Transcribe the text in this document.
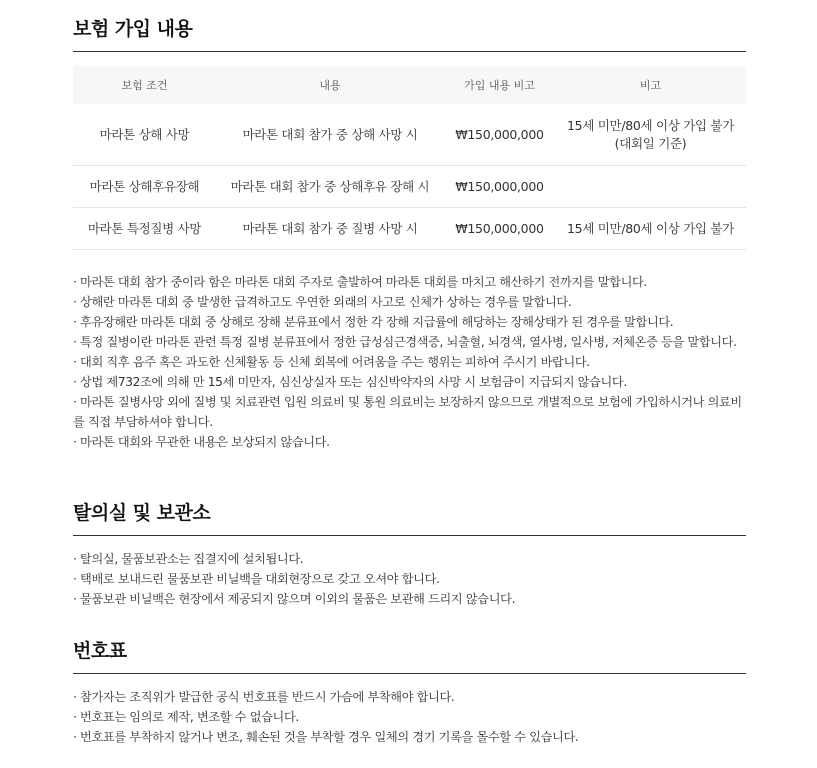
보험 가입 내용
보험 조건	내용	가입 내용 비고	비고
마라톤 상해 사망	마라톤 대회 참가 중 상해 사망 시	₩150,000,000	15세 미만/80세 이상 가입 불가
(대회일 기준)

마라톤 상해후유장해	마라톤 대회 참가 중 상해후유 장해 시	₩150,000,000	

마라톤 특정질병 사망	마라톤 대회 참가 중 질병 사망 시	₩150,000,000	15세 미만/80세 이상 가입 불가
· 마라톤 대회 참가 중이라 함은 마라톤 대회 주자로 출발하여 마라톤 대회를 마치고 해산하기 전까지를 말합니다.
· 상해란 마라톤 대회 중 발생한 급격하고도 우연한 외래의 사고로 신체가 상하는 경우를 말합니다.
· 후유장해란 마라톤 대회 중 상해로 장해 분류표에서 정한 각 장해 지급률에 해당하는 장해상태가 된 경우를 말합니다.
· 특정 질병이란 마라톤 관련 특정 질병 분류표에서 정한 급성심근경색증, 뇌출혈, 뇌경색, 열사병, 일사병, 저체온증 등을 말합니다.
· 대회 직후 음주 혹은 과도한 신체활동 등 신체 회복에 어려움을 주는 행위는 피하여 주시기 바랍니다.
· 상법 제732조에 의해 만 15세 미만자, 심신상실자 또는 심신박약자의 사망 시 보험금이 지급되지 않습니다.
· 마라톤 질병사망 외에 질병 및 치료관련 입원 의료비 및 통원 의료비는 보장하지 않으므로 개별적으로 보험에 가입하시거나 의료비를 직접 부담하셔야 합니다.
· 마라톤 대회와 무관한 내용은 보상되지 않습니다.
탈의실 및 보관소
· 탈의실, 물품보관소는 집결지에 설치됩니다.
· 택배로 보내드린 물품보관 비닐백을 대회현장으로 갖고 오셔야 합니다.
· 물품보관 비닐백은 현장에서 제공되지 않으며 이외의 물품은 보관해 드리지 않습니다.
번호표
· 참가자는 조직위가 발급한 공식 번호표를 반드시 가슴에 부착해야 합니다.
· 번호표는 임의로 제작, 변조할 수 없습니다.
· 번호표를 부착하지 않거나 변조, 훼손된 것을 부착할 경우 일체의 경기 기록을 몰수할 수 있습니다.
